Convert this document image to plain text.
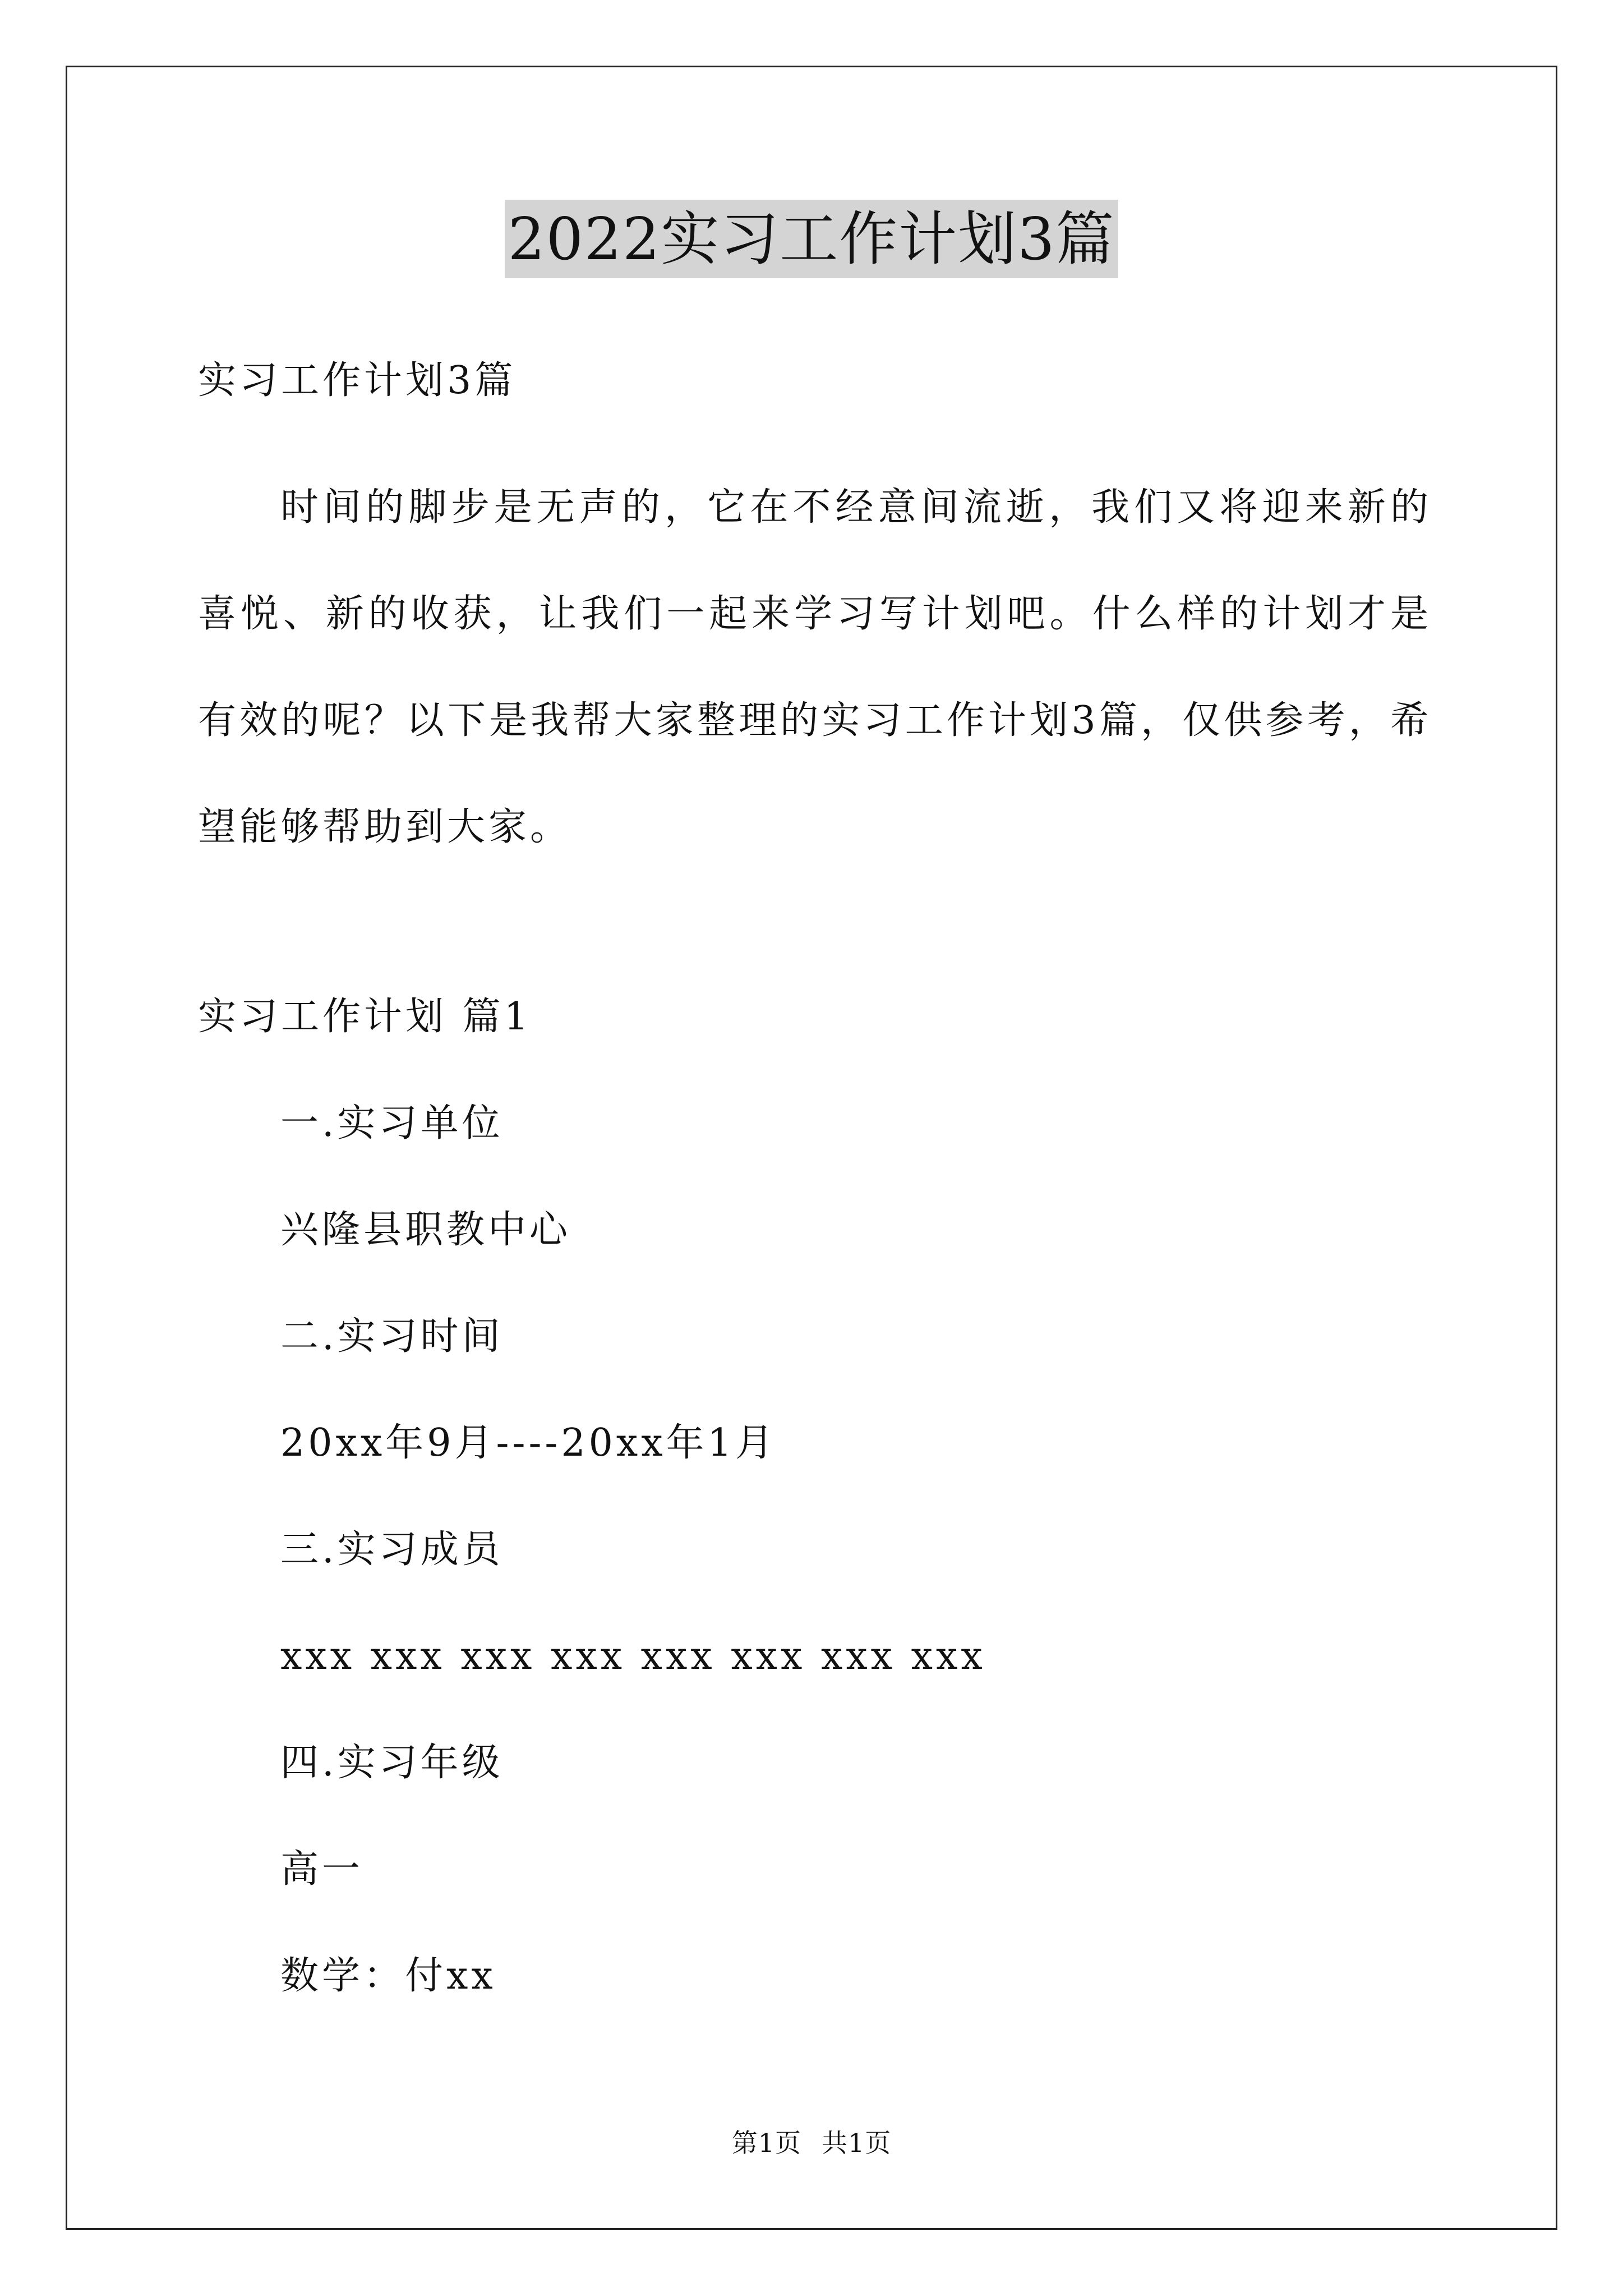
2022实习工作计划3篇
实习工作计划3篇
时间的脚步是无声的，它在不经意间流逝，我们又将迎来新的喜悦、新的收获，让我们一起来学习写计划吧。什么样的计划才是有效的呢？以下是我帮大家整理的实习工作计划3篇，仅供参考，希望能够帮助到大家。
实习工作计划 篇1
一.实习单位
兴隆县职教中心
二.实习时间
20xx年9月----20xx年1月
三.实习成员
xxx xxx xxx xxx xxx xxx xxx xxx
四.实习年级
高一
数学：付xx
第1页 共1页
